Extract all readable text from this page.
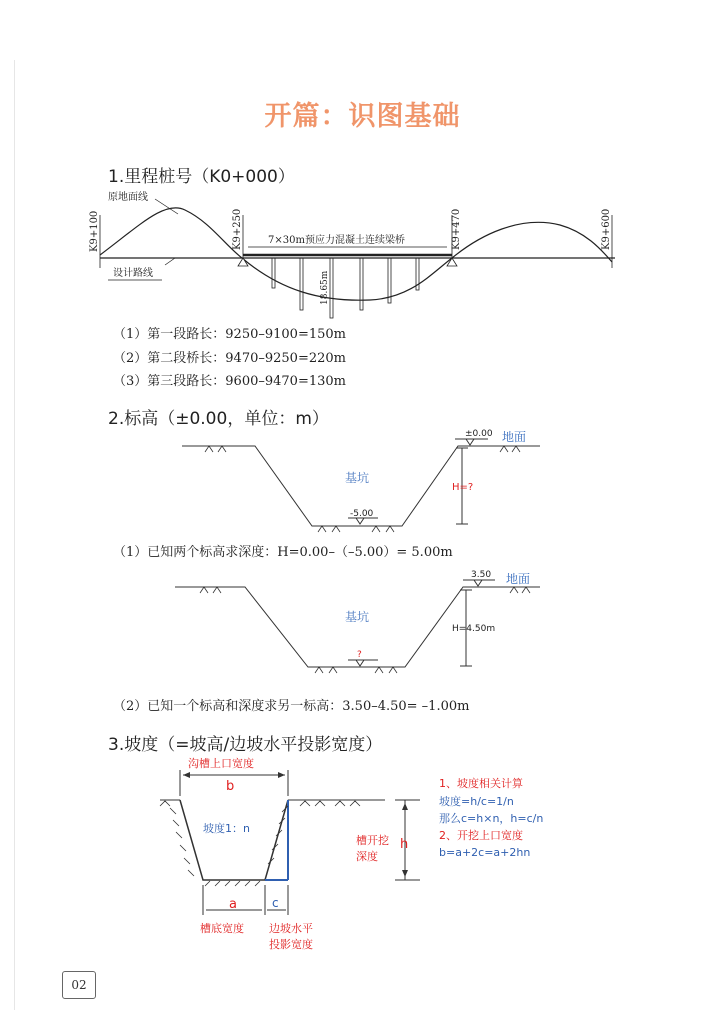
开篇：识图基础
1.里程桩号（K0+000）
原地面线
设计路线
7×30m预应力混凝土连续梁桥
K9+100	K9+250	K9+470	K9+600
18.65m
±0.00 地面
基坑
-5.00
H=?
3.50 地面
基坑
?
H=4.50m
沟槽上口宽度
b
坡度1：n
槽开挖
深度
h
a	c
槽底宽度 边坡水平
投影宽度
1、坡度相关计算
坡度=h/c=1/n
那么c=h×n，h=c/n
2、开挖上口宽度
b=a+2c=a+2hn
（1）第一段路长：9250–9100=150m
（2）第二段桥长：9470–9250=220m
（3）第三段路长：9600–9470=130m
2.标高（±0.00，单位：m）
（1）已知两个标高求深度：H=0.00–（–5.00）= 5.00m
（2）已知一个标高和深度求另一标高：3.50–4.50= –1.00m
3.坡度（=坡高/边坡水平投影宽度）
02
